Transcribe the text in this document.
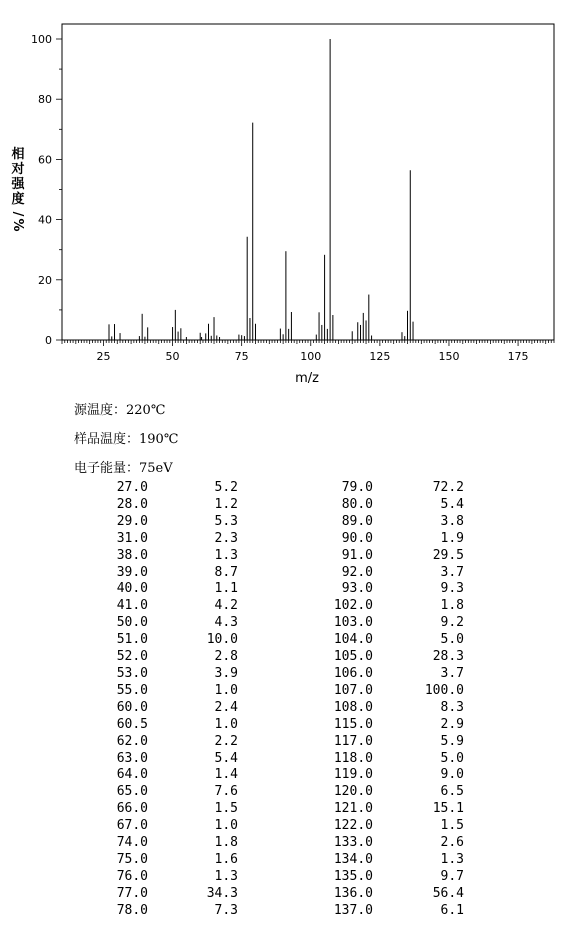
25	50	75	100	125	150	175
0
20
40
60
80
100
m/z
相
对
强
度
/
%
源温度：220℃
样品温度：190℃
电子能量：75eV
27.0	5.2	79.0	72.2
28.0	1.2	80.0	5.4
29.0	5.3	89.0	3.8
31.0	2.3	90.0	1.9
38.0	1.3	91.0	29.5
39.0	8.7	92.0	3.7
40.0	1.1	93.0	9.3
41.0	4.2	102.0	1.8
50.0	4.3	103.0	9.2
51.0	10.0	104.0	5.0
52.0	2.8	105.0	28.3
53.0	3.9	106.0	3.7
55.0	1.0	107.0	100.0
60.0	2.4	108.0	8.3
60.5	1.0	115.0	2.9
62.0	2.2	117.0	5.9
63.0	5.4	118.0	5.0
64.0	1.4	119.0	9.0
65.0	7.6	120.0	6.5
66.0	1.5	121.0	15.1
67.0	1.0	122.0	1.5
74.0	1.8	133.0	2.6
75.0	1.6	134.0	1.3
76.0	1.3	135.0	9.7
77.0	34.3	136.0	56.4
78.0	7.3	137.0	6.1
